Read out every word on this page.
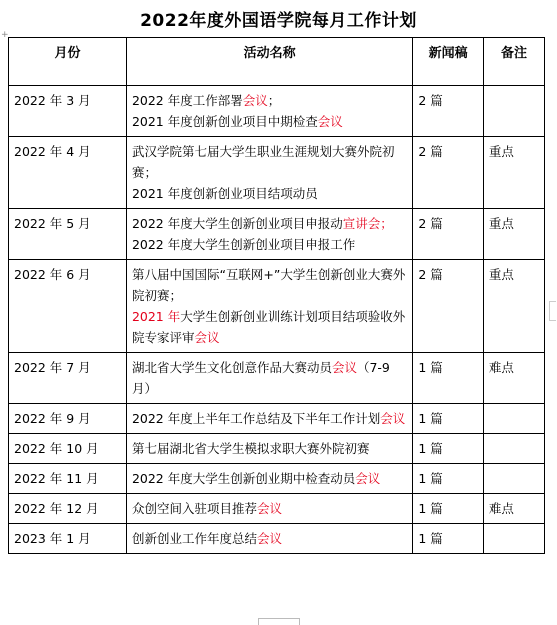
2022年度外国语学院每月工作计划
+
月份	活动名称	新闻稿	备注
2022 年 3 月	2022 年度工作部署会议；
2021 年度创新创业项目中期检查会议	2 篇	
2022 年 4 月	武汉学院第七届大学生职业生涯规划大赛外院初赛；
2021 年度创新创业项目结项动员	2 篇	重点
2022 年 5 月	2022 年度大学生创新创业项目申报动宣讲会；
2022 年度大学生创新创业项目申报工作	2 篇	重点
2022 年 6 月	第八届中国国际“互联网+”大学生创新创业大赛外院初赛；
2021 年大学生创新创业训练计划项目结项验收外院专家评审会议	2 篇	重点
2022 年 7 月	湖北省大学生文化创意作品大赛动员会议（7-9 月）	1 篇	难点
2022 年 9 月	2022 年度上半年工作总结及下半年工作计划会议	1 篇	
2022 年 10 月	第七届湖北省大学生模拟求职大赛外院初赛	1 篇	
2022 年 11 月	2022 年度大学生创新创业期中检查动员会议	1 篇	
2022 年 12 月	众创空间入驻项目推荐会议	1 篇	难点
2023 年 1 月	创新创业工作年度总结会议	1 篇	
